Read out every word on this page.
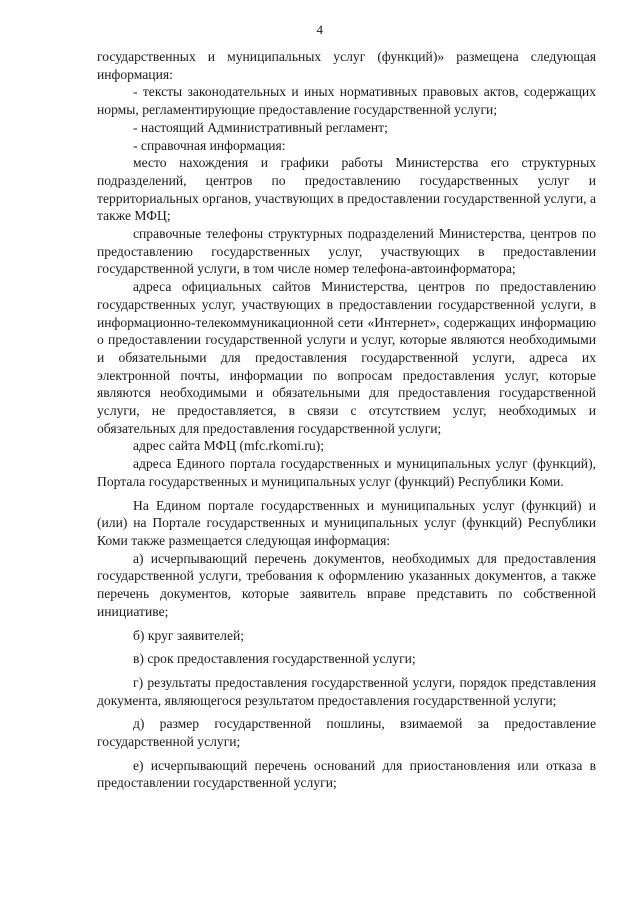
4

государственных и муниципальных услуг (функций)» размещена следующая информация:

- тексты законодательных и иных нормативных правовых актов, содержащих нормы, регламентирующие предоставление государственной услуги;

- настоящий Административный регламент;

- справочная информация:

место нахождения и графики работы Министерства его структурных подразделений, центров по предоставлению государственных услуг и территориальных органов, участвующих в предоставлении государственной услуги, а также МФЦ;

справочные телефоны структурных подразделений Министерства, центров по предоставлению государственных услуг, участвующих в предоставлении государственной услуги, в том числе номер телефона-автоинформатора;

адреса официальных сайтов Министерства, центров по предоставлению государственных услуг, участвующих в предоставлении государственной услуги, в информационно-телекоммуникационной сети «Интернет», содержащих информацию о предоставлении государственной услуги и услуг, которые являются необходимыми и обязательными для предоставления государственной услуги, адреса их электронной почты, информации по вопросам предоставления услуг, которые являются необходимыми и обязательными для предоставления государственной услуги, не предоставляется, в связи с отсутствием услуг, необходимых и обязательных для предоставления государственной услуги;

адрес сайта МФЦ (mfc.rkomi.ru);

адреса Единого портала государственных и муниципальных услуг (функций), Портала государственных и муниципальных услуг (функций) Республики Коми.

На Едином портале государственных и муниципальных услуг (функций) и (или) на Портале государственных и муниципальных услуг (функций) Республики Коми также размещается следующая информация:

а) исчерпывающий перечень документов, необходимых для предоставления государственной услуги, требования к оформлению указанных документов, а также перечень документов, которые заявитель вправе представить по собственной инициативе;

б) круг заявителей;

в) срок предоставления государственной услуги;

г) результаты предоставления государственной услуги, порядок представления документа, являющегося результатом предоставления государственной услуги;

д) размер государственной пошлины, взимаемой за предоставление государственной услуги;

е) исчерпывающий перечень оснований для приостановления или отказа в предоставлении государственной услуги;
